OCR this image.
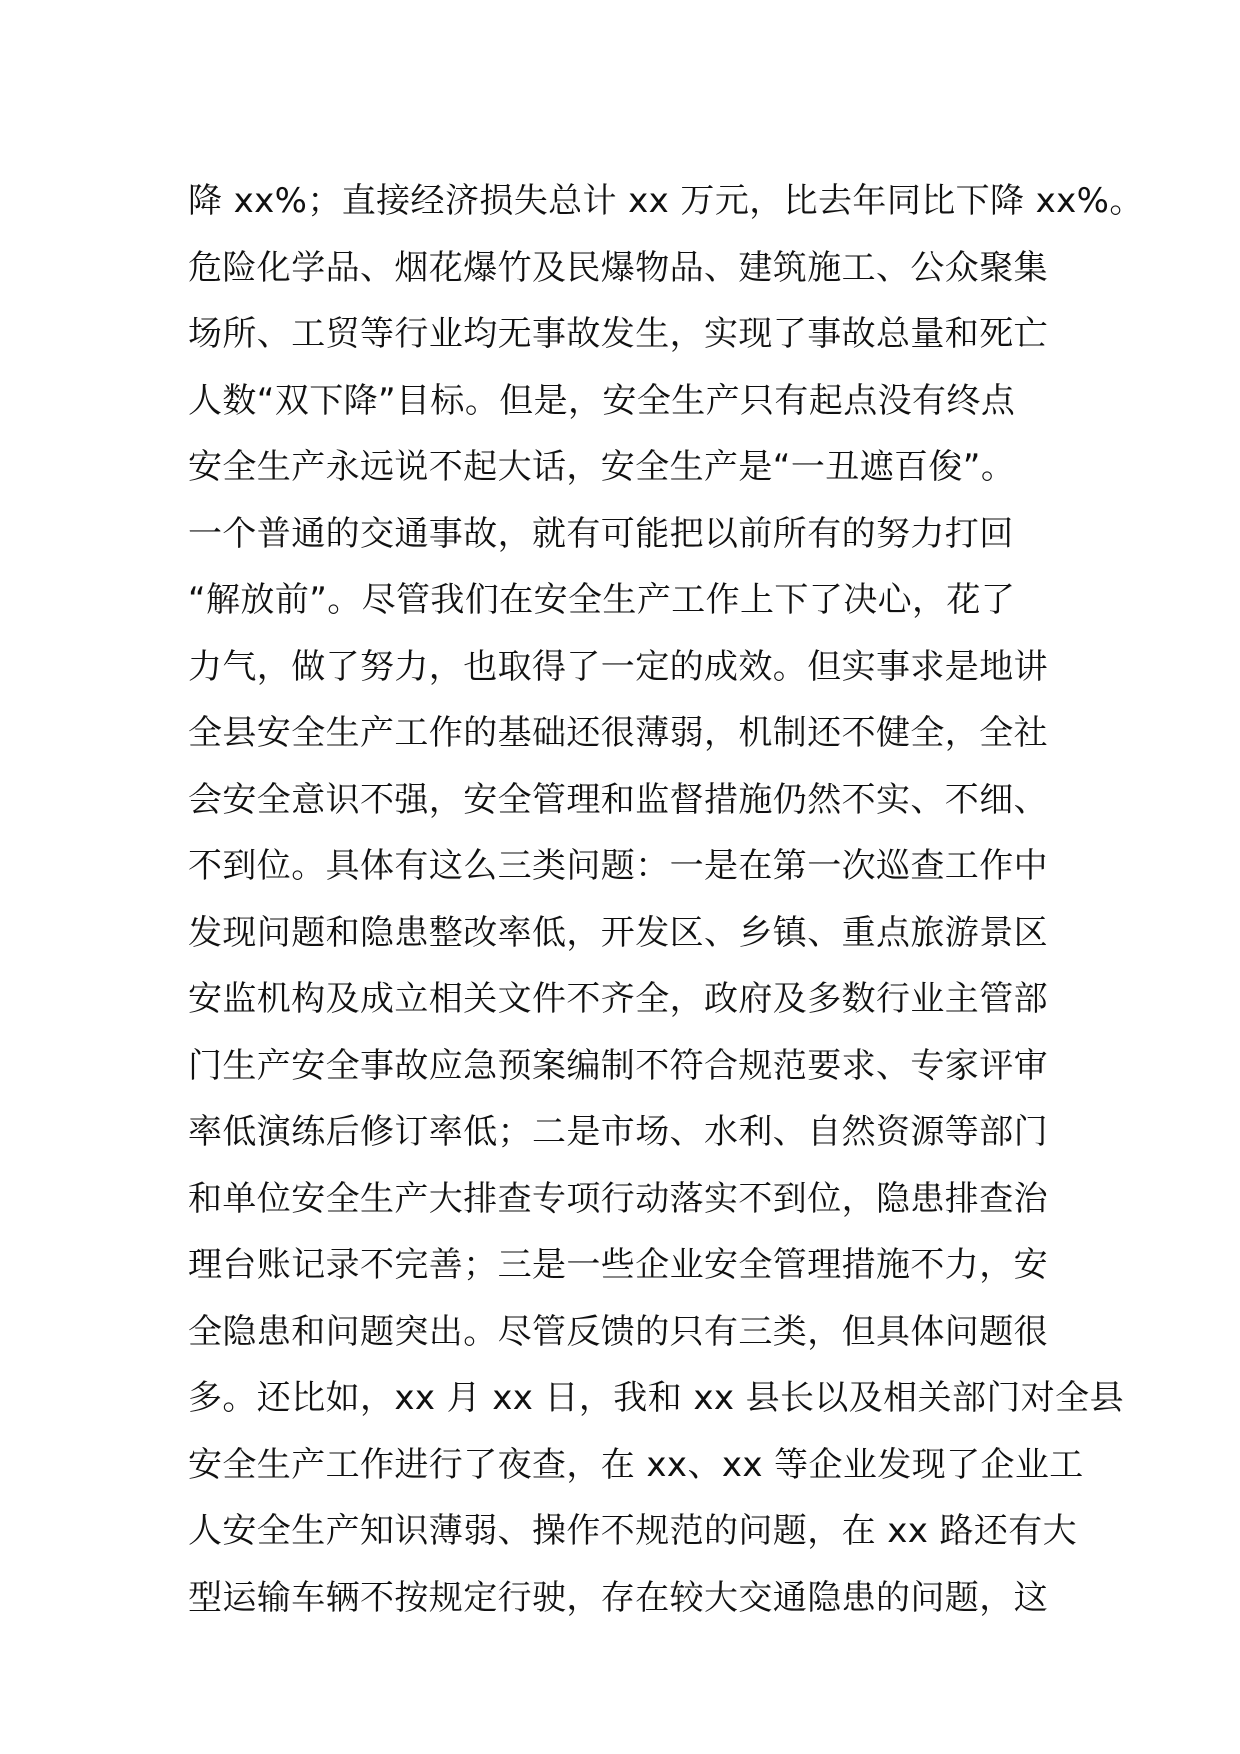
降 xx%；直接经济损失总计 xx 万元，比去年同比下降 xx%。
危险化学品、烟花爆竹及民爆物品、建筑施工、公众聚集
场所、工贸等行业均无事故发生，实现了事故总量和死亡
人数“双下降”目标。但是，安全生产只有起点没有终点
安全生产永远说不起大话，安全生产是“一丑遮百俊”。
一个普通的交通事故，就有可能把以前所有的努力打回
“解放前”。尽管我们在安全生产工作上下了决心，花了
力气，做了努力，也取得了一定的成效。但实事求是地讲
全县安全生产工作的基础还很薄弱，机制还不健全，全社
会安全意识不强，安全管理和监督措施仍然不实、不细、
不到位。具体有这么三类问题：一是在第一次巡查工作中
发现问题和隐患整改率低，开发区、乡镇、重点旅游景区
安监机构及成立相关文件不齐全，政府及多数行业主管部
门生产安全事故应急预案编制不符合规范要求、专家评审
率低演练后修订率低；二是市场、水利、自然资源等部门
和单位安全生产大排查专项行动落实不到位，隐患排查治
理台账记录不完善；三是一些企业安全管理措施不力，安
全隐患和问题突出。尽管反馈的只有三类，但具体问题很
多。还比如，xx 月 xx 日，我和 xx 县长以及相关部门对全县
安全生产工作进行了夜查，在 xx、xx 等企业发现了企业工
人安全生产知识薄弱、操作不规范的问题，在 xx 路还有大
型运输车辆不按规定行驶，存在较大交通隐患的问题，这
